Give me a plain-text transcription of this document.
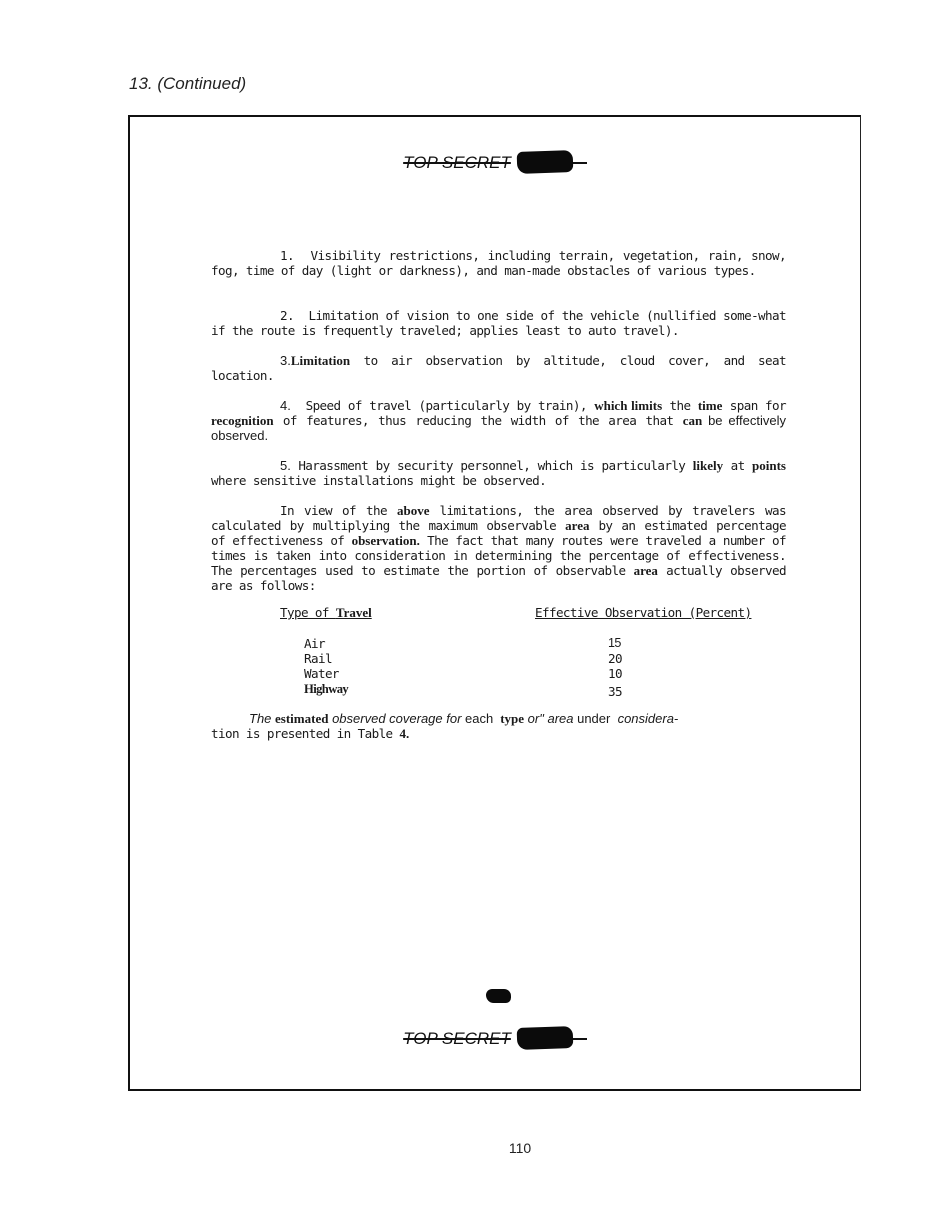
13. (Continued)
TOP SECRET
1. Visibility restrictions, including terrain, vegetation, rain, snow, fog, time of day (light or darkness), and man-made obstacles of various types.
2. Limitation of vision to one side of the vehicle (nullified some-what if the route is frequently traveled; applies least to auto travel).
3.Limitation to air observation by altitude, cloud cover, and seat location.
4. Speed of travel (particularly by train), which limits the time span for recognition of features, thus reducing the width of the area that can be effectively observed.
5. Harassment by security personnel, which is particularly likely at points where sensitive installations might be observed.
In view of the above limitations, the area observed by travelers was calculated by multiplying the maximum observable area by an estimated percentage of effectiveness of observation. The fact that many routes were traveled a number of times is taken into consideration in determining the percentage of effectiveness.  The percentages used to estimate the portion of observable area actually observed are as follows:
Type of Travel	Effective Observation (Percent)
Air	15
Rail	20
Water	10
Highway	35
The estimated observed coverage for each type or" area under  considera-
tion is presented in Table 4.
TOP SECRET
110
